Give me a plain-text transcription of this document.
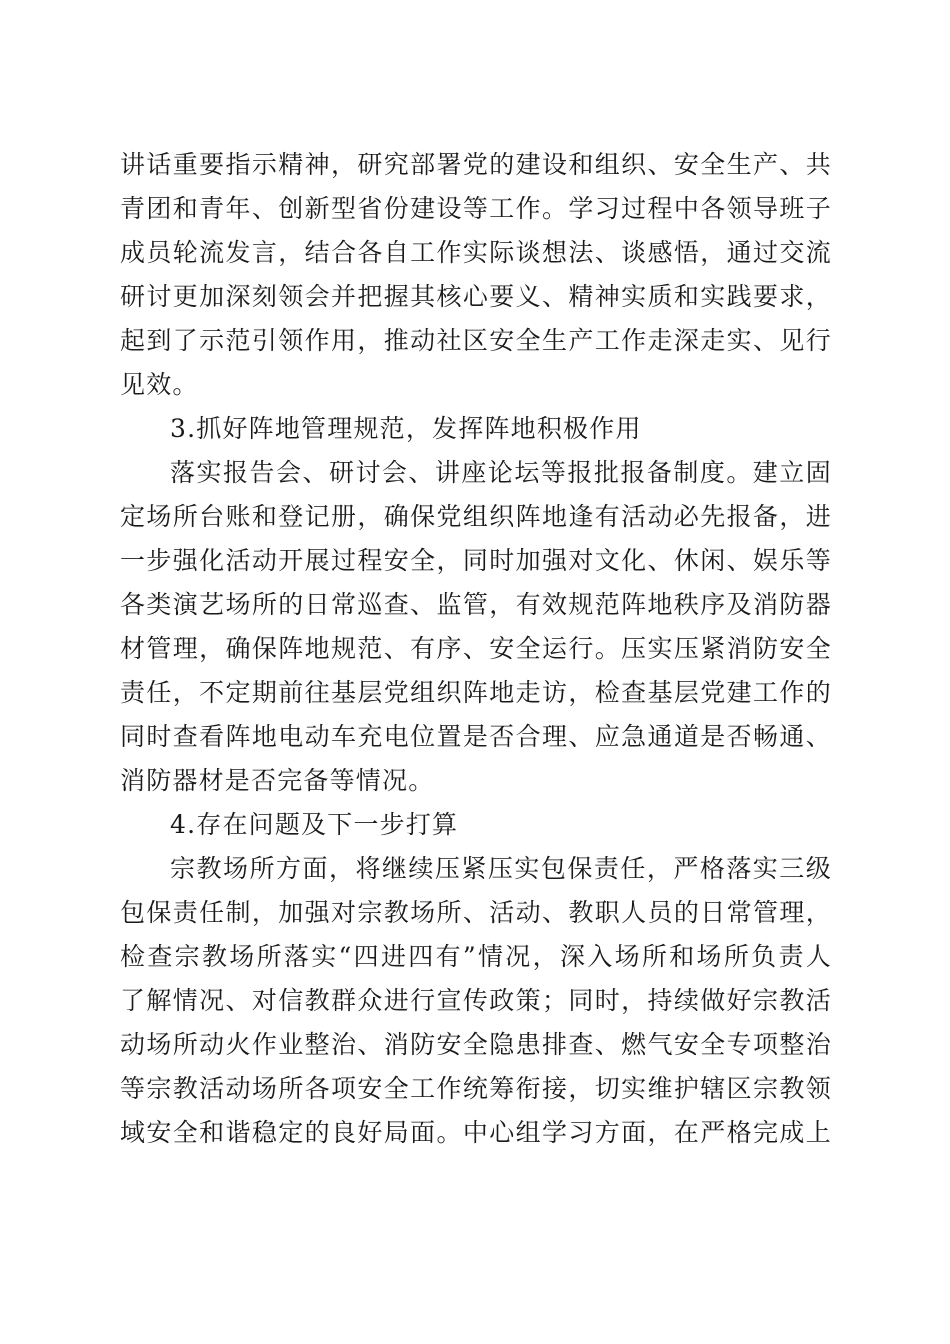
讲话重要指示精神，研究部署党的建设和组织、安全生产、共
青团和青年、创新型省份建设等工作。学习过程中各领导班子
成员轮流发言，结合各自工作实际谈想法、谈感悟，通过交流
研讨更加深刻领会并把握其核心要义、精神实质和实践要求，
起到了示范引领作用，推动社区安全生产工作走深走实、见行
见效。
3.抓好阵地管理规范，发挥阵地积极作用
落实报告会、研讨会、讲座论坛等报批报备制度。建立固
定场所台账和登记册，确保党组织阵地逢有活动必先报备，进
一步强化活动开展过程安全，同时加强对文化、休闲、娱乐等
各类演艺场所的日常巡查、监管，有效规范阵地秩序及消防器
材管理，确保阵地规范、有序、安全运行。压实压紧消防安全
责任，不定期前往基层党组织阵地走访，检查基层党建工作的
同时查看阵地电动车充电位置是否合理、应急通道是否畅通、
消防器材是否完备等情况。
4.存在问题及下一步打算
宗教场所方面，将继续压紧压实包保责任，严格落实三级
包保责任制，加强对宗教场所、活动、教职人员的日常管理，
检查宗教场所落实“四进四有”情况，深入场所和场所负责人
了解情况、对信教群众进行宣传政策；同时，持续做好宗教活
动场所动火作业整治、消防安全隐患排查、燃气安全专项整治
等宗教活动场所各项安全工作统筹衔接，切实维护辖区宗教领
域安全和谐稳定的良好局面。中心组学习方面，在严格完成上
